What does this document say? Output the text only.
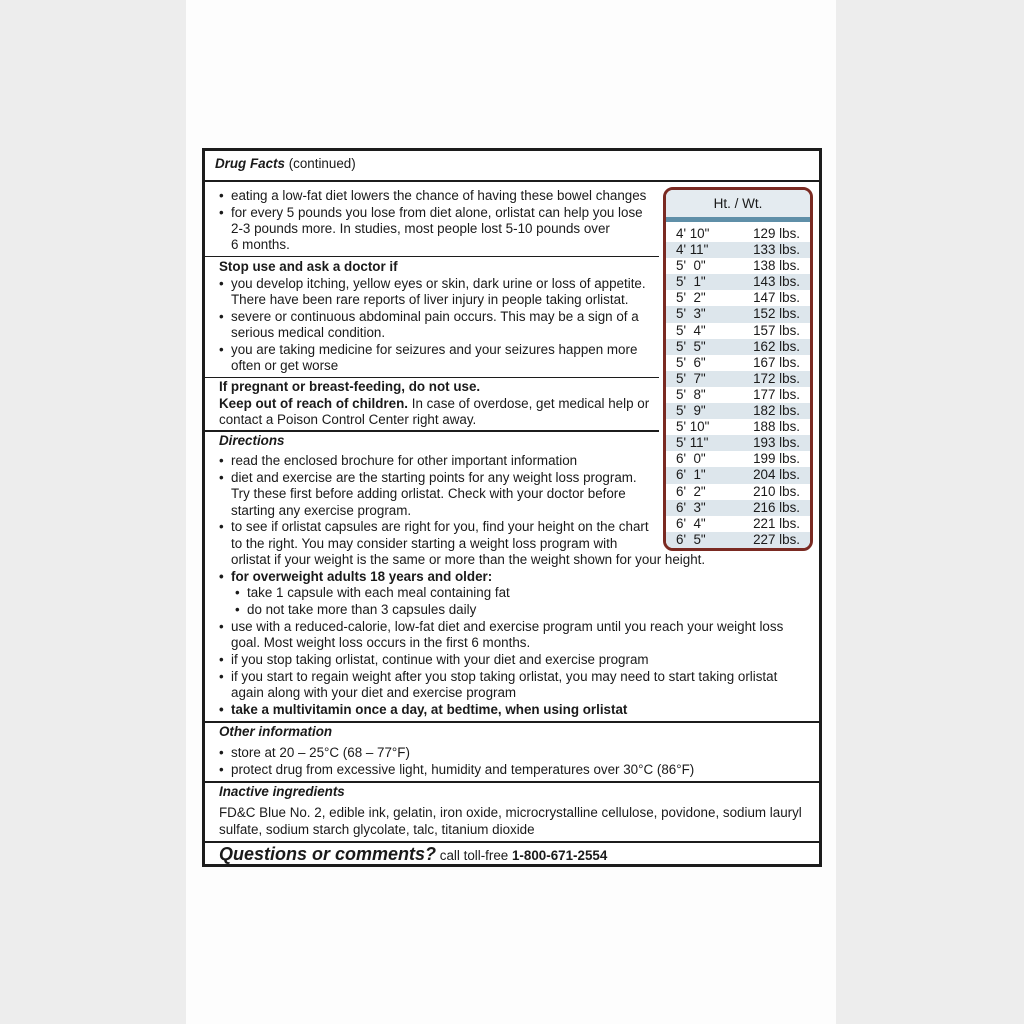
Drug Facts (continued)
• eating a low-fat diet lowers the chance of having these bowel changes
• for every 5 pounds you lose from diet alone, orlistat can help you lose
2-3 pounds more. In studies, most people lost 5-10 pounds over
6 months.
Stop use and ask a doctor if
• you develop itching, yellow eyes or skin, dark urine or loss of appetite.
There have been rare reports of liver injury in people taking orlistat.
• severe or continuous abdominal pain occurs. This may be a sign of a
serious medical condition.
• you are taking medicine for seizures and your seizures happen more
often or get worse
If pregnant or breast-feeding, do not use.
Keep out of reach of children. In case of overdose, get medical help or
contact a Poison Control Center right away.
Directions
• read the enclosed brochure for other important information
• diet and exercise are the starting points for any weight loss program.
Try these first before adding orlistat. Check with your doctor before
starting any exercise program.
• to see if orlistat capsules are right for you, find your height on the chart
to the right. You may consider starting a weight loss program with
orlistat if your weight is the same or more than the weight shown for your height.
• for overweight adults 18 years and older:
• take 1 capsule with each meal containing fat
• do not take more than 3 capsules daily
• use with a reduced-calorie, low-fat diet and exercise program until you reach your weight loss
goal. Most weight loss occurs in the first 6 months.
• if you stop taking orlistat, continue with your diet and exercise program
• if you start to regain weight after you stop taking orlistat, you may need to start taking orlistat
again along with your diet and exercise program
• take a multivitamin once a day, at bedtime, when using orlistat
Other information
• store at 20 – 25°C (68 – 77°F)
• protect drug from excessive light, humidity and temperatures over 30°C (86°F)
Inactive ingredients
FD&C Blue No. 2, edible ink, gelatin, iron oxide, microcrystalline cellulose, povidone, sodium lauryl
sulfate, sodium starch glycolate, talc, titanium dioxide
Questions or comments? call toll-free 1-800-671-2554
Ht. / Wt.
4' 10"	129 lbs.
4' 11"	133 lbs.
5'  0"	138 lbs.
5'  1"	143 lbs.
5'  2"	147 lbs.
5'  3"	152 lbs.
5'  4"	157 lbs.
5'  5"	162 lbs.
5'  6"	167 lbs.
5'  7"	172 lbs.
5'  8"	177 lbs.
5'  9"	182 lbs.
5' 10"	188 lbs.
5' 11"	193 lbs.
6'  0"	199 lbs.
6'  1"	204 lbs.
6'  2"	210 lbs.
6'  3"	216 lbs.
6'  4"	221 lbs.
6'  5"	227 lbs.
